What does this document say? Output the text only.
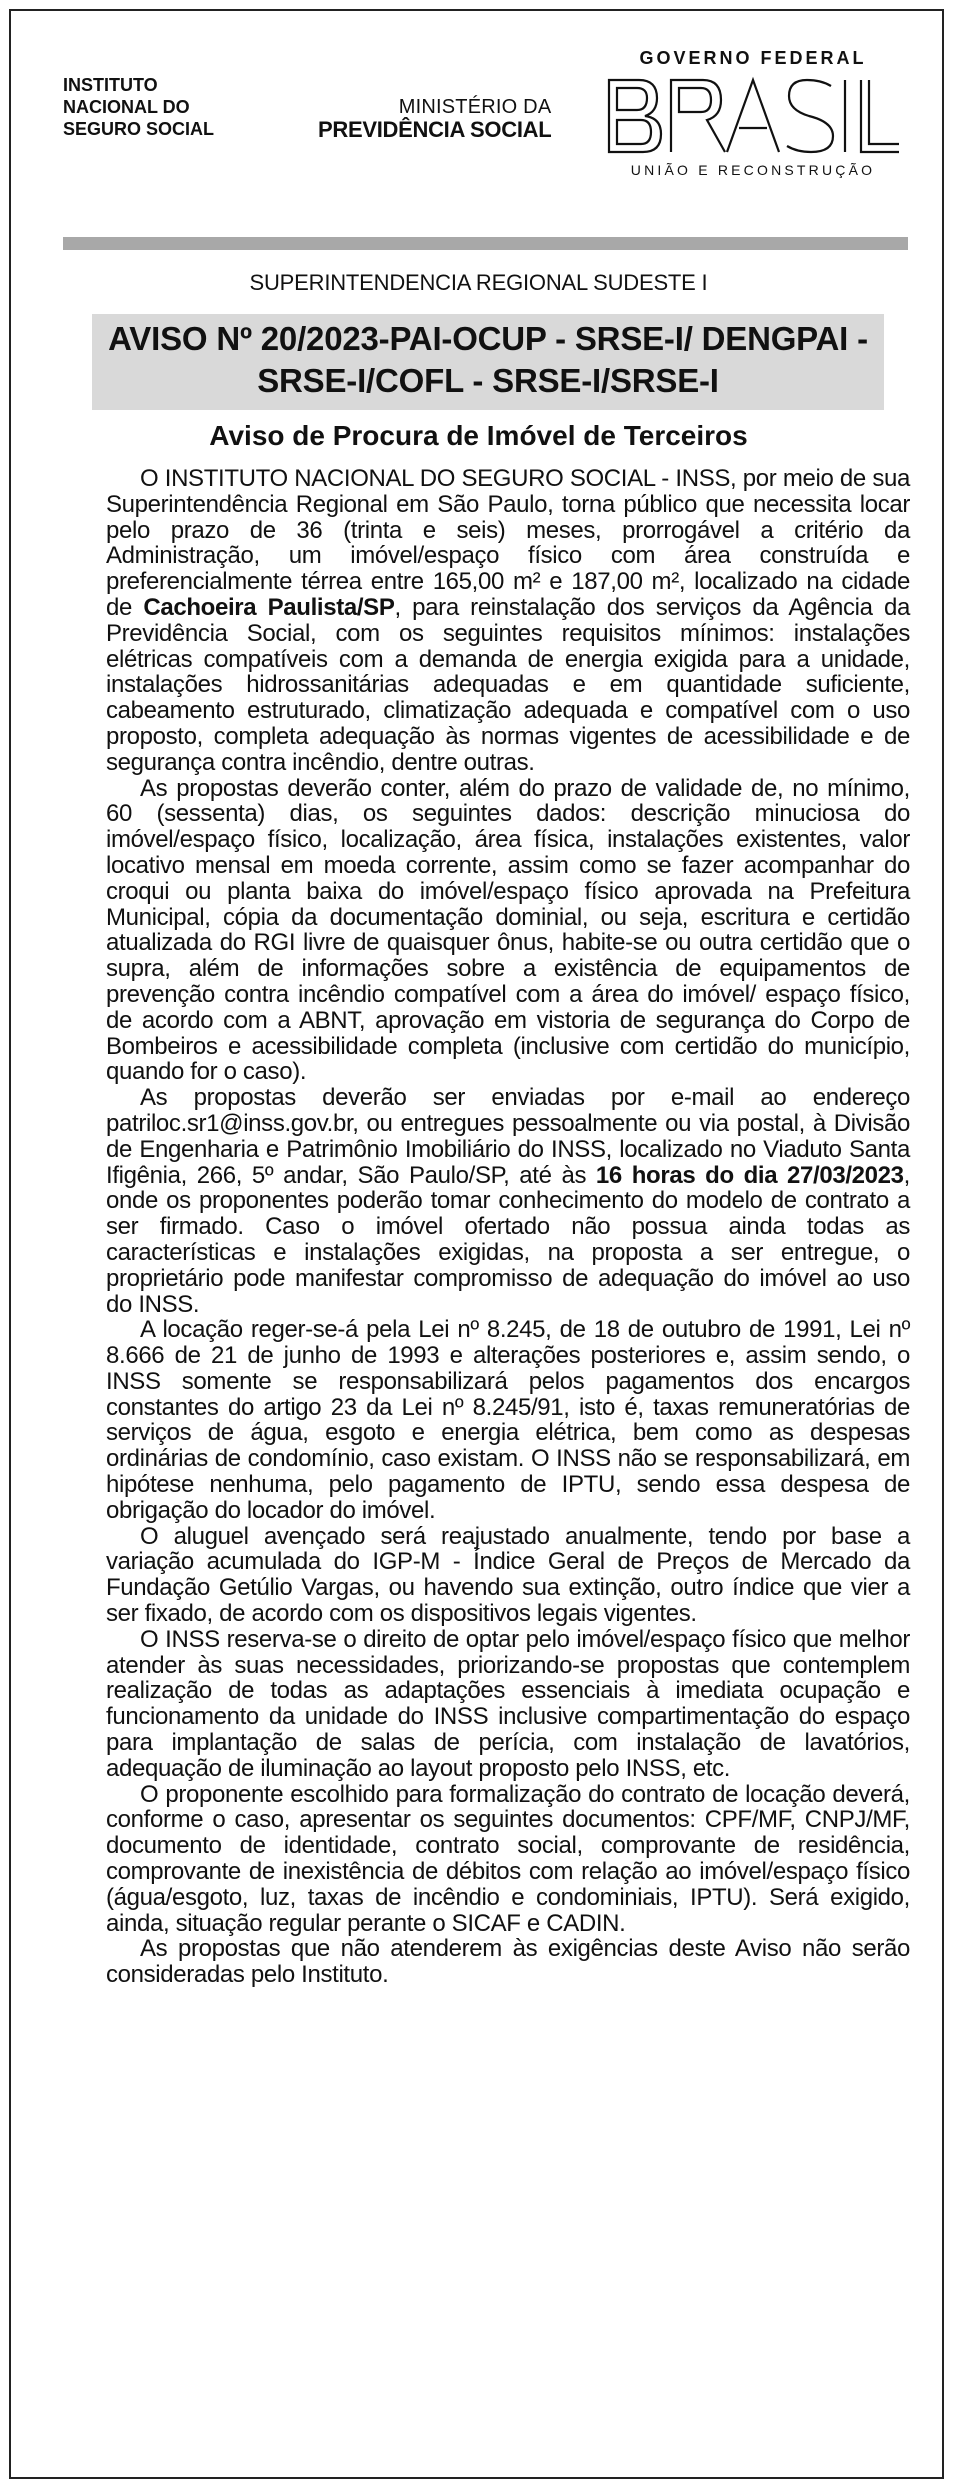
INSTITUTO
NACIONAL DO
SEGURO SOCIAL
MINISTÉRIO DA
PREVIDÊNCIA SOCIAL
GOVERNO FEDERAL
UNIÃO E RECONSTRUÇÃO
SUPERINTENDENCIA REGIONAL SUDESTE I
AVISO Nº 20/2023-PAI-OCUP - SRSE-I/ DENGPAI - SRSE-I/COFL - SRSE-I/SRSE-I
Aviso de Procura de Imóvel de Terceiros

O INSTITUTO NACIONAL DO SEGURO SOCIAL - INSS, por meio de sua Superintendência Regional em São Paulo, torna público que necessita locar pelo prazo de 36 (trinta e seis) meses, prorrogável a critério da Administração, um imóvel/espaço físico com área construída e preferencialmente térrea entre 165,00 m² e 187,00 m², localizado na cidade de Cachoeira Paulista/SP, para reinstalação dos serviços da Agência da Previdência Social, com os seguintes requisitos mínimos: instalações elétricas compatíveis com a demanda de energia exigida para a unidade, instalações hidrossanitárias adequadas e em quantidade suficiente, cabeamento estruturado, climatização adequada e compatível com o uso proposto, completa adequação às normas vigentes de acessibilidade e de segurança contra incêndio, dentre outras.

As propostas deverão conter, além do prazo de validade de, no mínimo, 60 (sessenta) dias, os seguintes dados: descrição minuciosa do imóvel/espaço físico, localização, área física, instalações existentes, valor locativo mensal em moeda corrente, assim como se fazer acompanhar do croqui ou planta baixa do imóvel/espaço físico aprovada na Prefeitura Municipal, cópia da documentação dominial, ou seja, escritura e certidão atualizada do RGI livre de quaisquer ônus, habite-se ou outra certidão que o supra, além de informações sobre a existência de equipamentos de prevenção contra incêndio compatível com a área do imóvel/ espaço físico, de acordo com a ABNT, aprovação em vistoria de segurança do Corpo de Bombeiros e acessibilidade completa (inclusive com certidão do município, quando for o caso).

As propostas deverão ser enviadas por e-mail ao endereço patriloc.sr1@inss.gov.br, ou entregues pessoalmente ou via postal, à Divisão de Engenharia e Patrimônio Imobiliário do INSS, localizado no Viaduto Santa Ifigênia, 266, 5º andar, São Paulo/SP, até às 16 horas do dia 27/03/2023, onde os proponentes poderão tomar conhecimento do modelo de contrato a ser firmado. Caso o imóvel ofertado não possua ainda todas as características e instalações exigidas, na proposta a ser entregue, o proprietário pode manifestar compromisso de adequação do imóvel ao uso do INSS.

A locação reger-se-á pela Lei nº 8.245, de 18 de outubro de 1991, Lei nº 8.666 de 21 de junho de 1993 e alterações posteriores e, assim sendo, o INSS somente se responsabilizará pelos pagamentos dos encargos constantes do artigo 23 da Lei nº 8.245/91, isto é, taxas remuneratórias de serviços de água, esgoto e energia elétrica, bem como as despesas ordinárias de condomínio, caso existam. O INSS não se responsabilizará, em hipótese nenhuma, pelo pagamento de IPTU, sendo essa despesa de obrigação do locador do imóvel.

O aluguel avençado será reajustado anualmente, tendo por base a variação acumulada do IGP-M - Índice Geral de Preços de Mercado da Fundação Getúlio Vargas, ou havendo sua extinção, outro índice que vier a ser fixado, de acordo com os dispositivos legais vigentes.

O INSS reserva-se o direito de optar pelo imóvel/espaço físico que melhor atender às suas necessidades, priorizando-se propostas que contemplem realização de todas as adaptações essenciais à imediata ocupação e funcionamento da unidade do INSS inclusive compartimentação do espaço para implantação de salas de perícia, com instalação de lavatórios, adequação de iluminação ao layout proposto pelo INSS, etc.

O proponente escolhido para formalização do contrato de locação deverá, conforme o caso, apresentar os seguintes documentos: CPF/MF, CNPJ/MF, documento de identidade, contrato social, comprovante de residência, comprovante de inexistência de débitos com relação ao imóvel/espaço físico (água/esgoto, luz, taxas de incêndio e condominiais, IPTU). Será exigido, ainda, situação regular perante o SICAF e CADIN.

As propostas que não atenderem às exigências deste Aviso não serão consideradas pelo Instituto.
